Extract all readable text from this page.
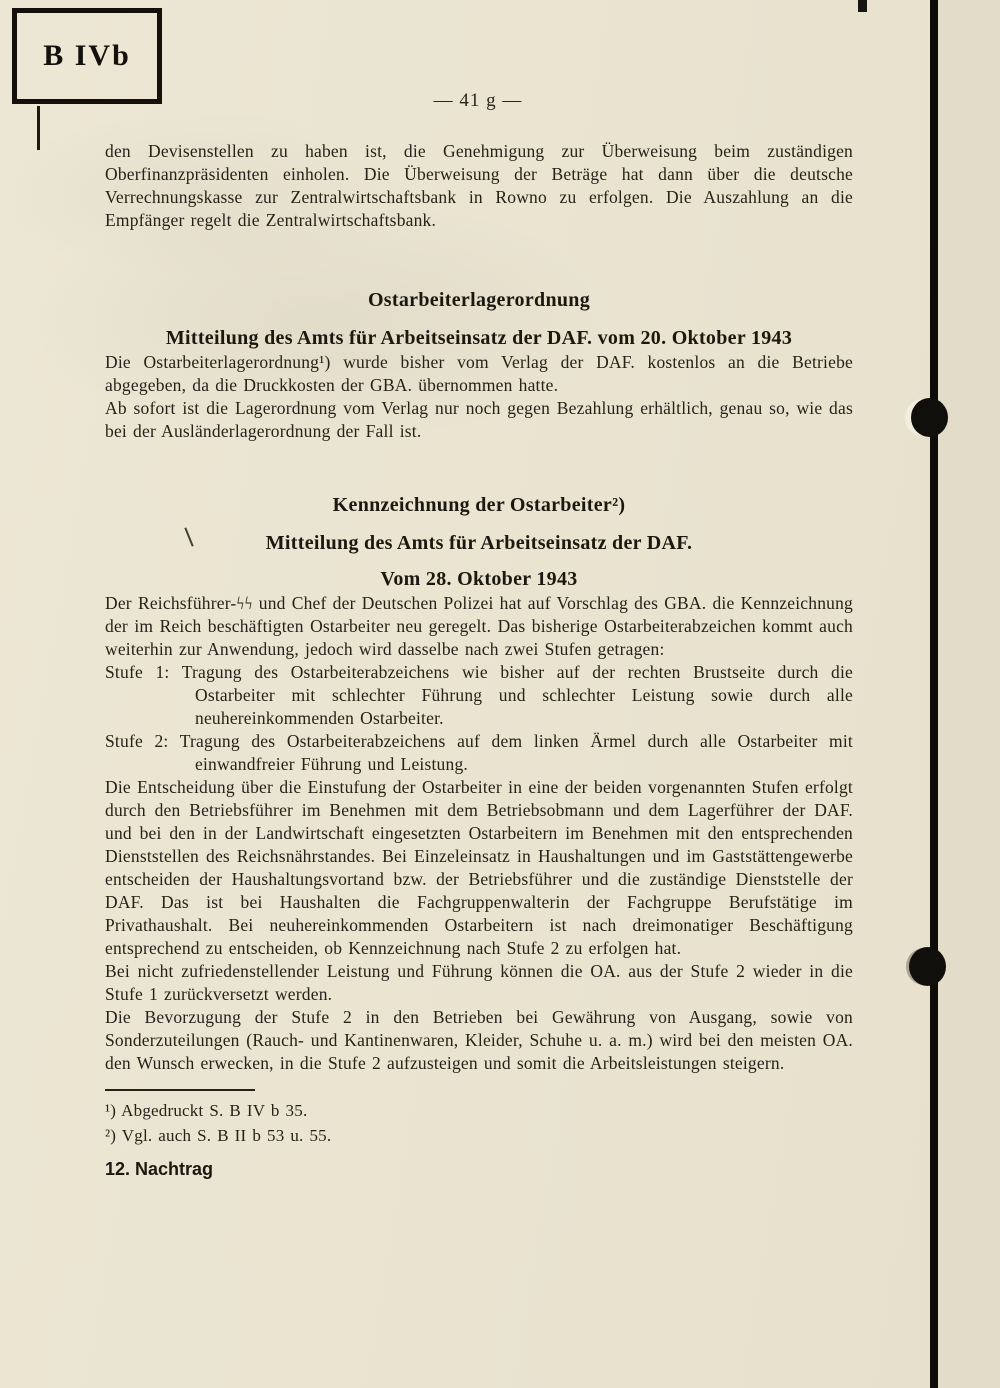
B IVb
— 41 g —

den Devisenstellen zu haben ist, die Genehmigung zur Überweisung beim zuständigen Oberfinanzpräsidenten einholen. Die Überweisung der Beträge hat dann über die deutsche Verrechnungskasse zur Zentralwirtschaftsbank in Rowno zu erfolgen. Die Auszahlung an die Empfänger regelt die Zentralwirtschaftsbank.

Ostarbeiterlagerordnung
Mitteilung des Amts für Arbeitseinsatz der DAF. vom 20. Oktober 1943

Die Ostarbeiterlagerordnung¹) wurde bisher vom Verlag der DAF. kostenlos an die Betriebe abgegeben, da die Druckkosten der GBA. übernommen hatte.

Ab sofort ist die Lagerordnung vom Verlag nur noch gegen Bezahlung erhältlich, genau so, wie das bei der Ausländerlagerordnung der Fall ist.

Kennzeichnung der Ostarbeiter²)
Mitteilung des Amts für Arbeitseinsatz der DAF.
Vom 28. Oktober 1943

Der Reichsführer-ϟϟ und Chef der Deutschen Polizei hat auf Vorschlag des GBA. die Kennzeichnung der im Reich beschäftigten Ostarbeiter neu geregelt. Das bisherige Ostarbeiterabzeichen kommt auch weiterhin zur Anwendung, jedoch wird dasselbe nach zwei Stufen getragen:

Stufe 1: Tragung des Ostarbeiterabzeichens wie bisher auf der rechten Brustseite durch die Ostarbeiter mit schlechter Führung und schlechter Leistung sowie durch alle neuhereinkommenden Ostarbeiter.

Stufe 2: Tragung des Ostarbeiterabzeichens auf dem linken Ärmel durch alle Ostarbeiter mit einwandfreier Führung und Leistung.

Die Entscheidung über die Einstufung der Ostarbeiter in eine der beiden vorgenannten Stufen erfolgt durch den Betriebsführer im Benehmen mit dem Betriebsobmann und dem Lagerführer der DAF. und bei den in der Landwirtschaft eingesetzten Ostarbeitern im Benehmen mit den entsprechenden Dienststellen des Reichsnährstandes. Bei Einzeleinsatz in Haushaltungen und im Gaststättengewerbe entscheiden der Haushaltungsvortand bzw. der Betriebsführer und die zuständige Dienststelle der DAF. Das ist bei Haushalten die Fachgruppenwalterin der Fachgruppe Berufstätige im Privathaushalt. Bei neuhereinkommenden Ostarbeitern ist nach dreimonatiger Beschäftigung entsprechend zu entscheiden, ob Kennzeichnung nach Stufe 2 zu erfolgen hat.

Bei nicht zufriedenstellender Leistung und Führung können die OA. aus der Stufe 2 wieder in die Stufe 1 zurückversetzt werden.

Die Bevorzugung der Stufe 2 in den Betrieben bei Gewährung von Ausgang, sowie von Sonderzuteilungen (Rauch- und Kantinenwaren, Kleider, Schuhe u. a. m.) wird bei den meisten OA. den Wunsch erwecken, in die Stufe 2 aufzusteigen und somit die Arbeitsleistungen steigern.

¹) Abgedruckt S. B IV b 35.

²) Vgl. auch S. B II b 53 u. 55.

12. Nachtrag
